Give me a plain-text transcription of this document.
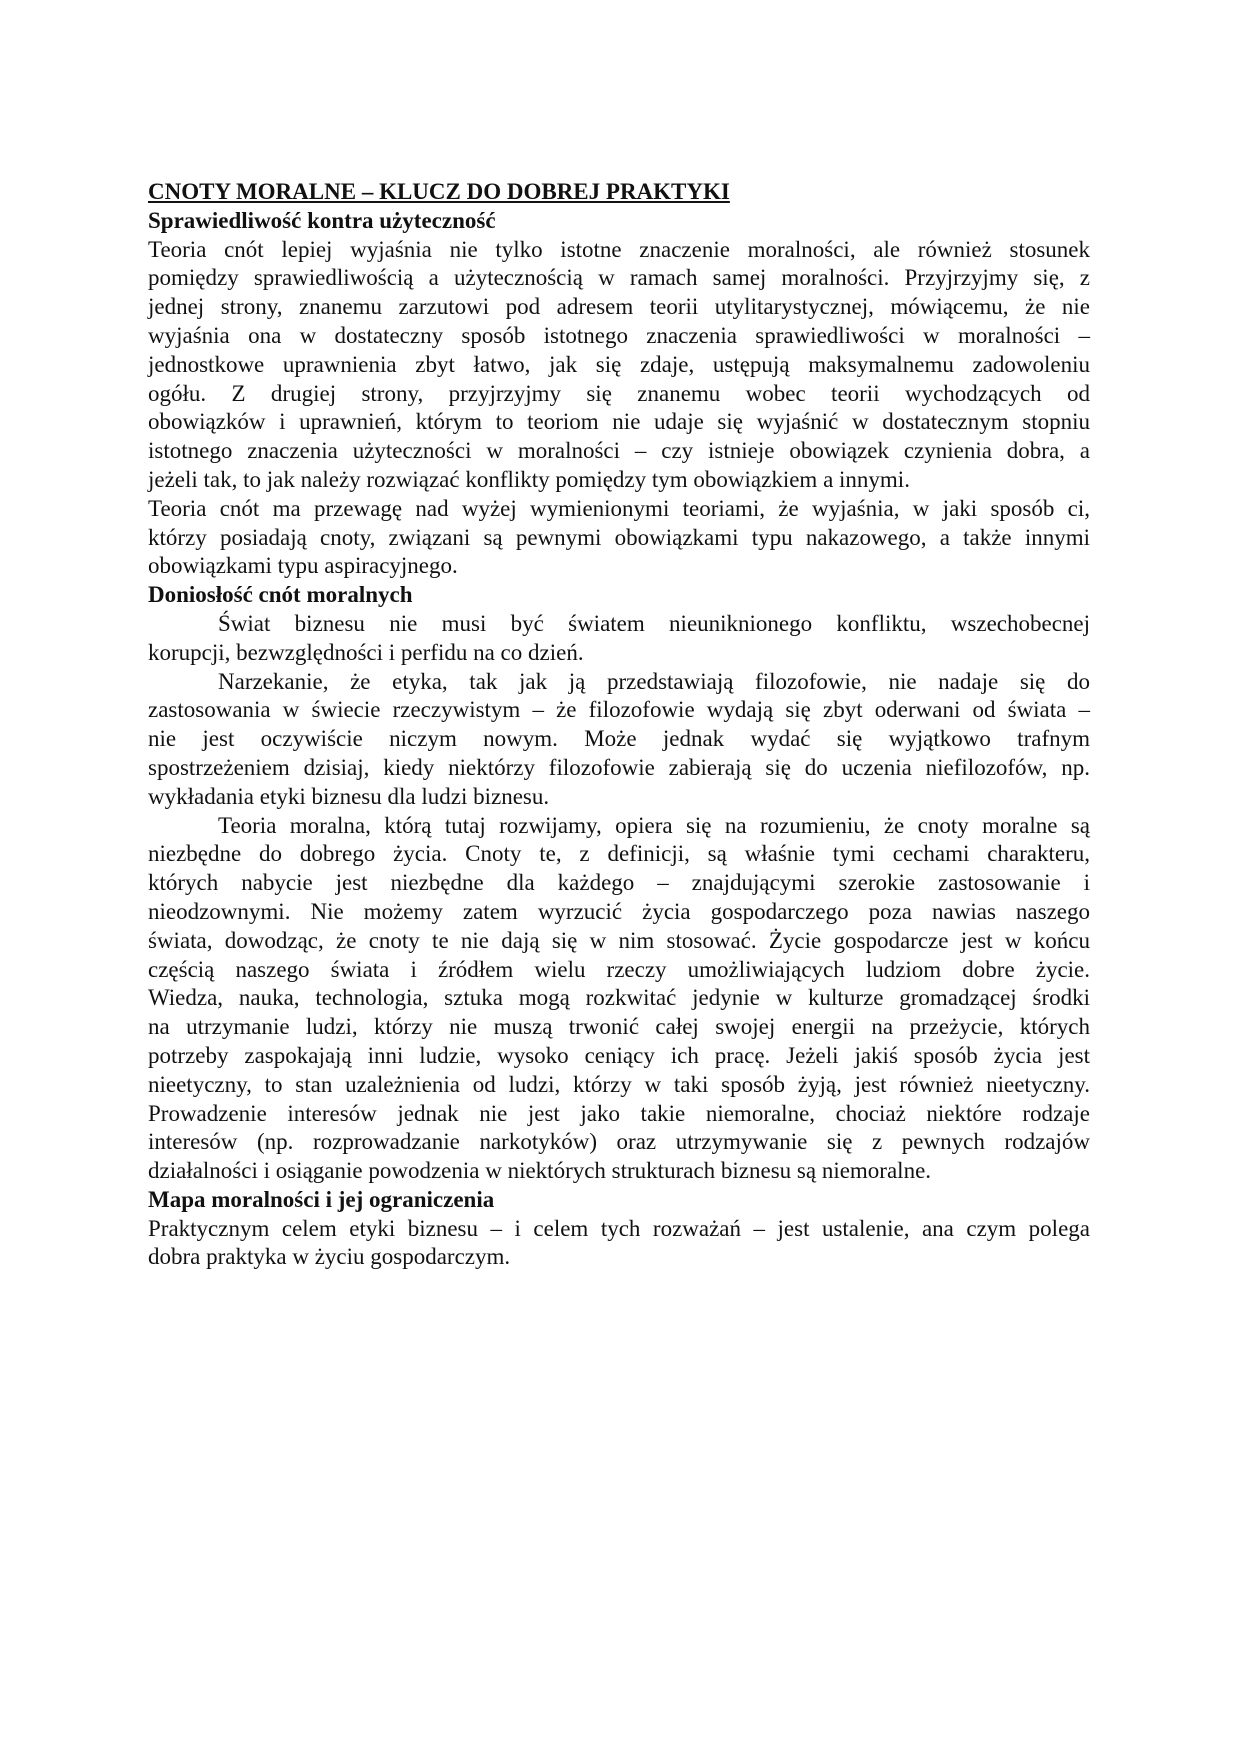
CNOTY MORALNE – KLUCZ DO DOBREJ PRAKTYKI
Sprawiedliwość kontra użyteczność
Teoria cnót lepiej wyjaśnia nie tylko istotne znaczenie moralności, ale również stosunek
pomiędzy sprawiedliwością a użytecznością w ramach samej moralności. Przyjrzyjmy się, z
jednej strony, znanemu zarzutowi pod adresem teorii utylitarystycznej, mówiącemu, że nie
wyjaśnia ona w dostateczny sposób istotnego znaczenia sprawiedliwości w moralności –
jednostkowe uprawnienia zbyt łatwo, jak się zdaje, ustępują maksymalnemu zadowoleniu
ogółu. Z drugiej strony, przyjrzyjmy się znanemu wobec teorii wychodzących od
obowiązków i uprawnień, którym to teoriom nie udaje się wyjaśnić w dostatecznym stopniu
istotnego znaczenia użyteczności w moralności – czy istnieje obowiązek czynienia dobra, a
jeżeli tak, to jak należy rozwiązać konflikty pomiędzy tym obowiązkiem a innymi.
Teoria cnót ma przewagę nad wyżej wymienionymi teoriami, że wyjaśnia, w jaki sposób ci,
którzy posiadają cnoty, związani są pewnymi obowiązkami typu nakazowego, a także innymi
obowiązkami typu aspiracyjnego.
Doniosłość cnót moralnych
Świat biznesu nie musi być światem nieuniknionego konfliktu, wszechobecnej
korupcji, bezwzględności i perfidu na co dzień.
Narzekanie, że etyka, tak jak ją przedstawiają filozofowie, nie nadaje się do
zastosowania w świecie rzeczywistym – że filozofowie wydają się zbyt oderwani od świata –
nie jest oczywiście niczym nowym. Może jednak wydać się wyjątkowo trafnym
spostrzeżeniem dzisiaj, kiedy niektórzy filozofowie zabierają się do uczenia niefilozofów, np.
wykładania etyki biznesu dla ludzi biznesu.
Teoria moralna, którą tutaj rozwijamy, opiera się na rozumieniu, że cnoty moralne są
niezbędne do dobrego życia. Cnoty te, z definicji, są właśnie tymi cechami charakteru,
których nabycie jest niezbędne dla każdego – znajdującymi szerokie zastosowanie i
nieodzownymi. Nie możemy zatem wyrzucić życia gospodarczego poza nawias naszego
świata, dowodząc, że cnoty te nie dają się w nim stosować. Życie gospodarcze jest w końcu
częścią naszego świata i źródłem wielu rzeczy umożliwiających ludziom dobre życie.
Wiedza, nauka, technologia, sztuka mogą rozkwitać jedynie w kulturze gromadzącej środki
na utrzymanie ludzi, którzy nie muszą trwonić całej swojej energii na przeżycie, których
potrzeby zaspokajają inni ludzie, wysoko ceniący ich pracę. Jeżeli jakiś sposób życia jest
nieetyczny, to stan uzależnienia od ludzi, którzy w taki sposób żyją, jest również nieetyczny.
Prowadzenie interesów jednak nie jest jako takie niemoralne, chociaż niektóre rodzaje
interesów (np. rozprowadzanie narkotyków) oraz utrzymywanie się z pewnych rodzajów
działalności i osiąganie powodzenia w niektórych strukturach biznesu są niemoralne.
Mapa moralności i jej ograniczenia
Praktycznym celem etyki biznesu – i celem tych rozważań – jest ustalenie, ana czym polega
dobra praktyka w życiu gospodarczym.
